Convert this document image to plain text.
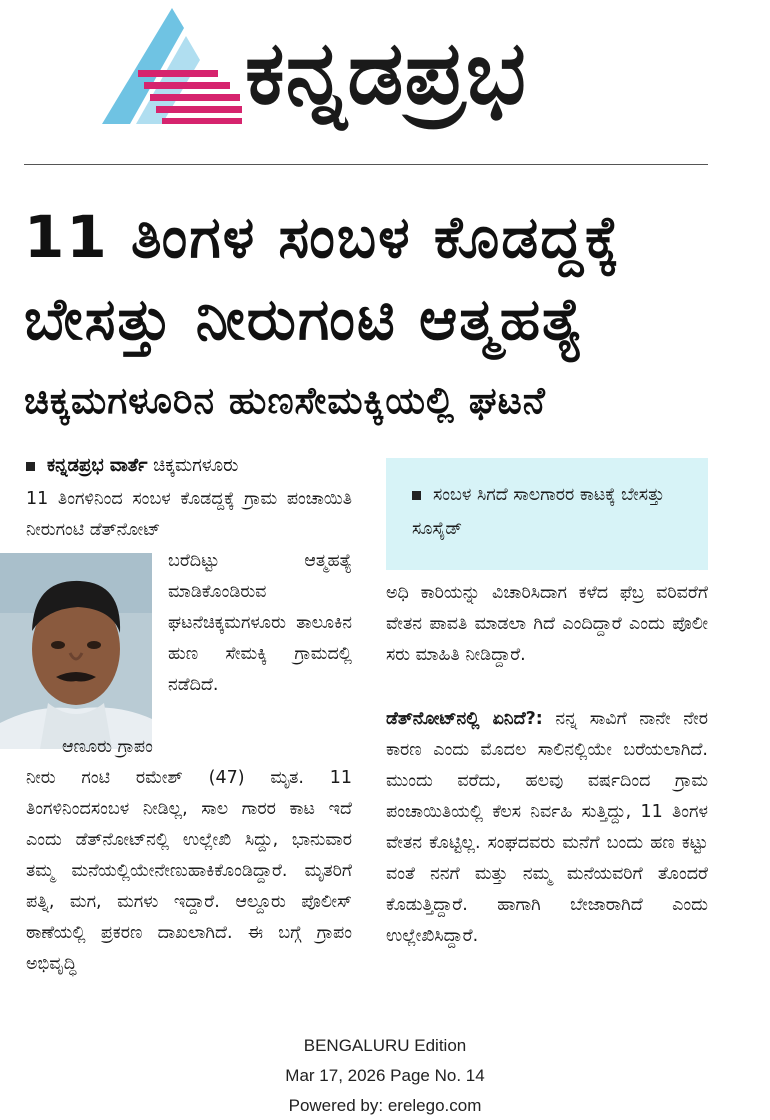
ಕನ್ನಡಪ್ರಭ
11 ತಿಂಗಳ ಸಂಬಳ ಕೊಡದ್ದಕ್ಕೆ
ಬೇಸತ್ತು ನೀರುಗಂಟಿ ಆತ್ಮಹತ್ಯೆ
ಚಿಕ್ಕಮಗಳೂರಿನ ಹುಣಸೇಮಕ್ಕಿಯಲ್ಲಿ ಘಟನೆ
ಕನ್ನಡಪ್ರಭ ವಾರ್ತೆ ಚಿಕ್ಕಮಗಳೂರು
11 ತಿಂಗಳಿನಿಂದ ಸಂಬಳ ಕೊಡದ್ದಕ್ಕೆ ಗ್ರಾಮ ಪಂಚಾಯಿತಿ ನೀರುಗಂಟಿ ಡೆತ್‌ನೋಟ್
ಬರೆದಿಟ್ಟು ಆತ್ಮಹತ್ಯೆ ಮಾಡಿಕೊಂಡಿರುವ ಘಟನೆಚಿಕ್ಕಮಗಳೂರು ತಾಲೂಕಿನ ಹುಣ ಸೇಮಕ್ಕಿ ಗ್ರಾಮದಲ್ಲಿ ನಡೆದಿದೆ.
ಆಣೂರು ಗ್ರಾಪಂ
ನೀರು ಗಂಟಿ ರಮೇಶ್ (47) ಮೃತ. 11 ತಿಂಗಳಿನಿಂದಸಂಬಳ ನೀಡಿಲ್ಲ, ಸಾಲ ಗಾರರ ಕಾಟ ಇದೆ ಎಂದು ಡೆತ್‌ನೋಟ್‌ನಲ್ಲಿ ಉಲ್ಲೇಖಿ ಸಿದ್ದು, ಭಾನುವಾರ ತಮ್ಮ ಮನೆಯಲ್ಲಿಯೇನೇಣುಹಾಕಿಕೊಂಡಿದ್ದಾರೆ. ಮೃತರಿಗೆ ಪತ್ನಿ, ಮಗ, ಮಗಳು ಇದ್ದಾರೆ. ಆಲ್ದೂರು ಪೊಲೀಸ್ ಠಾಣೆಯಲ್ಲಿ ಪ್ರಕರಣ ದಾಖಲಾಗಿದೆ. ಈ ಬಗ್ಗೆ ಗ್ರಾಪಂ ಅಭಿವೃದ್ಧಿ
ಸಂಬಳ ಸಿಗದೆ ಸಾಲಗಾರರ ಕಾಟಕ್ಕೆ ಬೇಸತ್ತು ಸೂಸೈಡ್
ಅಧಿ ಕಾರಿಯನ್ನು ವಿಚಾರಿಸಿದಾಗ ಕಳೆದ ಫೆಬ್ರ ವರಿವರೆಗೆ ವೇತನ ಪಾವತಿ ಮಾಡಲಾ ಗಿದೆ ಎಂದಿದ್ದಾರೆ ಎಂದು ಪೊಲೀ ಸರು ಮಾಹಿತಿ ನೀಡಿದ್ದಾರೆ.
ಡೆತ್‌ನೋಟ್‌ನಲ್ಲಿ ಏನಿದೆ?: ನನ್ನ ಸಾವಿಗೆ ನಾನೇ ನೇರ ಕಾರಣ ಎಂದು ಮೊದಲ ಸಾಲಿನಲ್ಲಿಯೇ ಬರೆಯಲಾಗಿದೆ. ಮುಂದು ವರೆದು, ಹಲವು ವರ್ಷದಿಂದ ಗ್ರಾಮ ಪಂಚಾಯಿತಿಯಲ್ಲಿ ಕೆಲಸ ನಿರ್ವಹಿ ಸುತ್ತಿದ್ದು, 11 ತಿಂಗಳ ವೇತನ ಕೊಟ್ಟಿಲ್ಲ. ಸಂಘದವರು ಮನೆಗೆ ಬಂದು ಹಣ ಕಟ್ಟು ವಂತೆ ನನಗೆ ಮತ್ತು ನಮ್ಮ ಮನೆಯವರಿಗೆ ತೊಂದರೆ ಕೊಡುತ್ತಿದ್ದಾರೆ. ಹಾಗಾಗಿ ಬೇಜಾರಾಗಿದೆ ಎಂದು ಉಲ್ಲೇಖಿಸಿದ್ದಾರೆ.
BENGALURU Edition
Mar 17, 2026 Page No. 14
Powered by: erelego.com
